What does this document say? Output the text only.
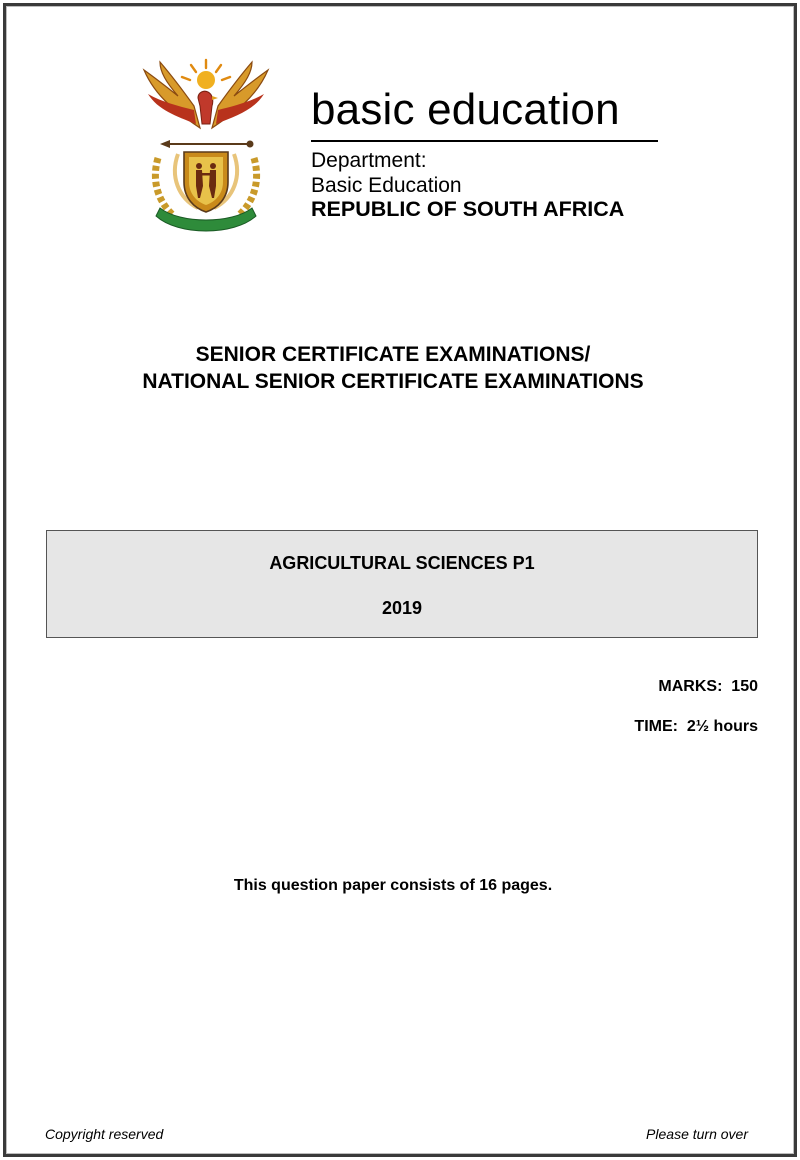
basic education
Department:
Basic Education
REPUBLIC OF SOUTH AFRICA
SENIOR CERTIFICATE EXAMINATIONS/
NATIONAL SENIOR CERTIFICATE EXAMINATIONS
AGRICULTURAL SCIENCES P1
2019
MARKS:  150
TIME:  2½ hours
This question paper consists of 16 pages.
Copyright reserved	Please turn over
